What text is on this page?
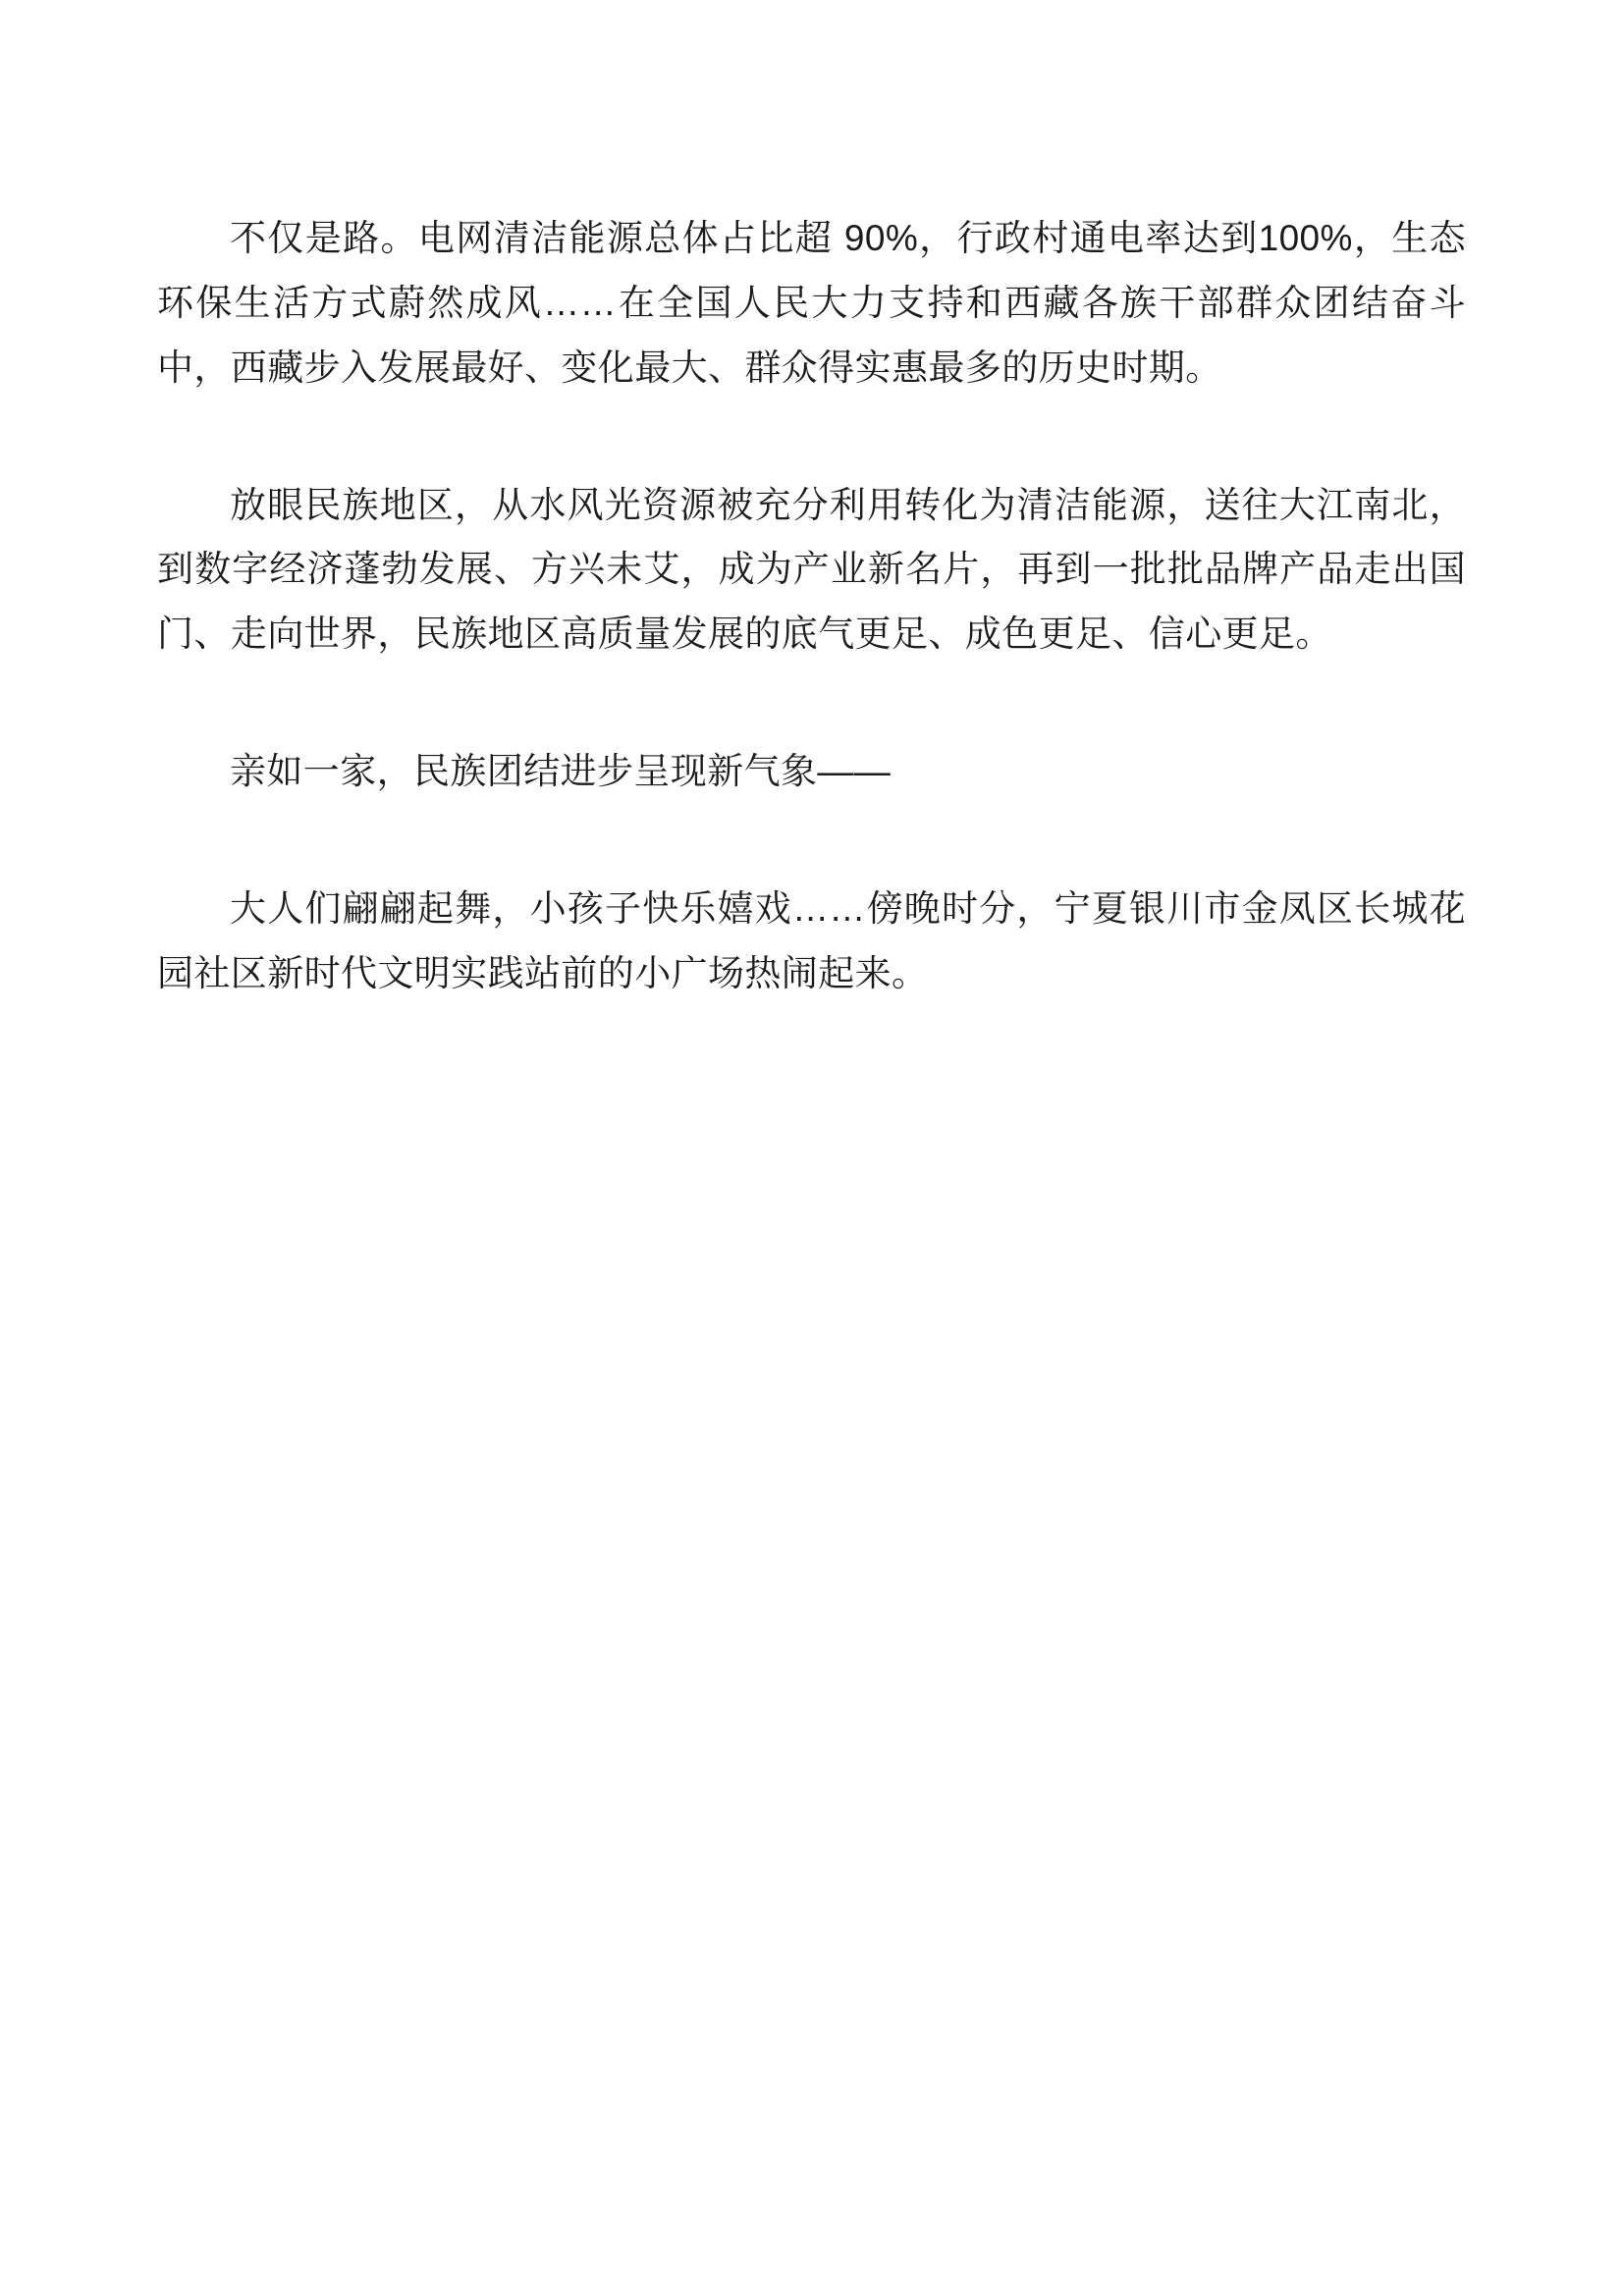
不仅是路。电网清洁能源总体占比超 90%，行政村通电率达到100%，生态环保生活方式蔚然成风……在全国人民大力支持和西藏各族干部群众团结奋斗中，西藏步入发展最好、变化最大、群众得实惠最多的历史时期。

放眼民族地区，从水风光资源被充分利用转化为清洁能源，送往大江南北，到数字经济蓬勃发展、方兴未艾，成为产业新名片，再到一批批品牌产品走出国门、走向世界，民族地区高质量发展的底气更足、成色更足、信心更足。

亲如一家，民族团结进步呈现新气象——

大人们翩翩起舞，小孩子快乐嬉戏……傍晚时分，宁夏银川市金凤区长城花园社区新时代文明实践站前的小广场热闹起来。
